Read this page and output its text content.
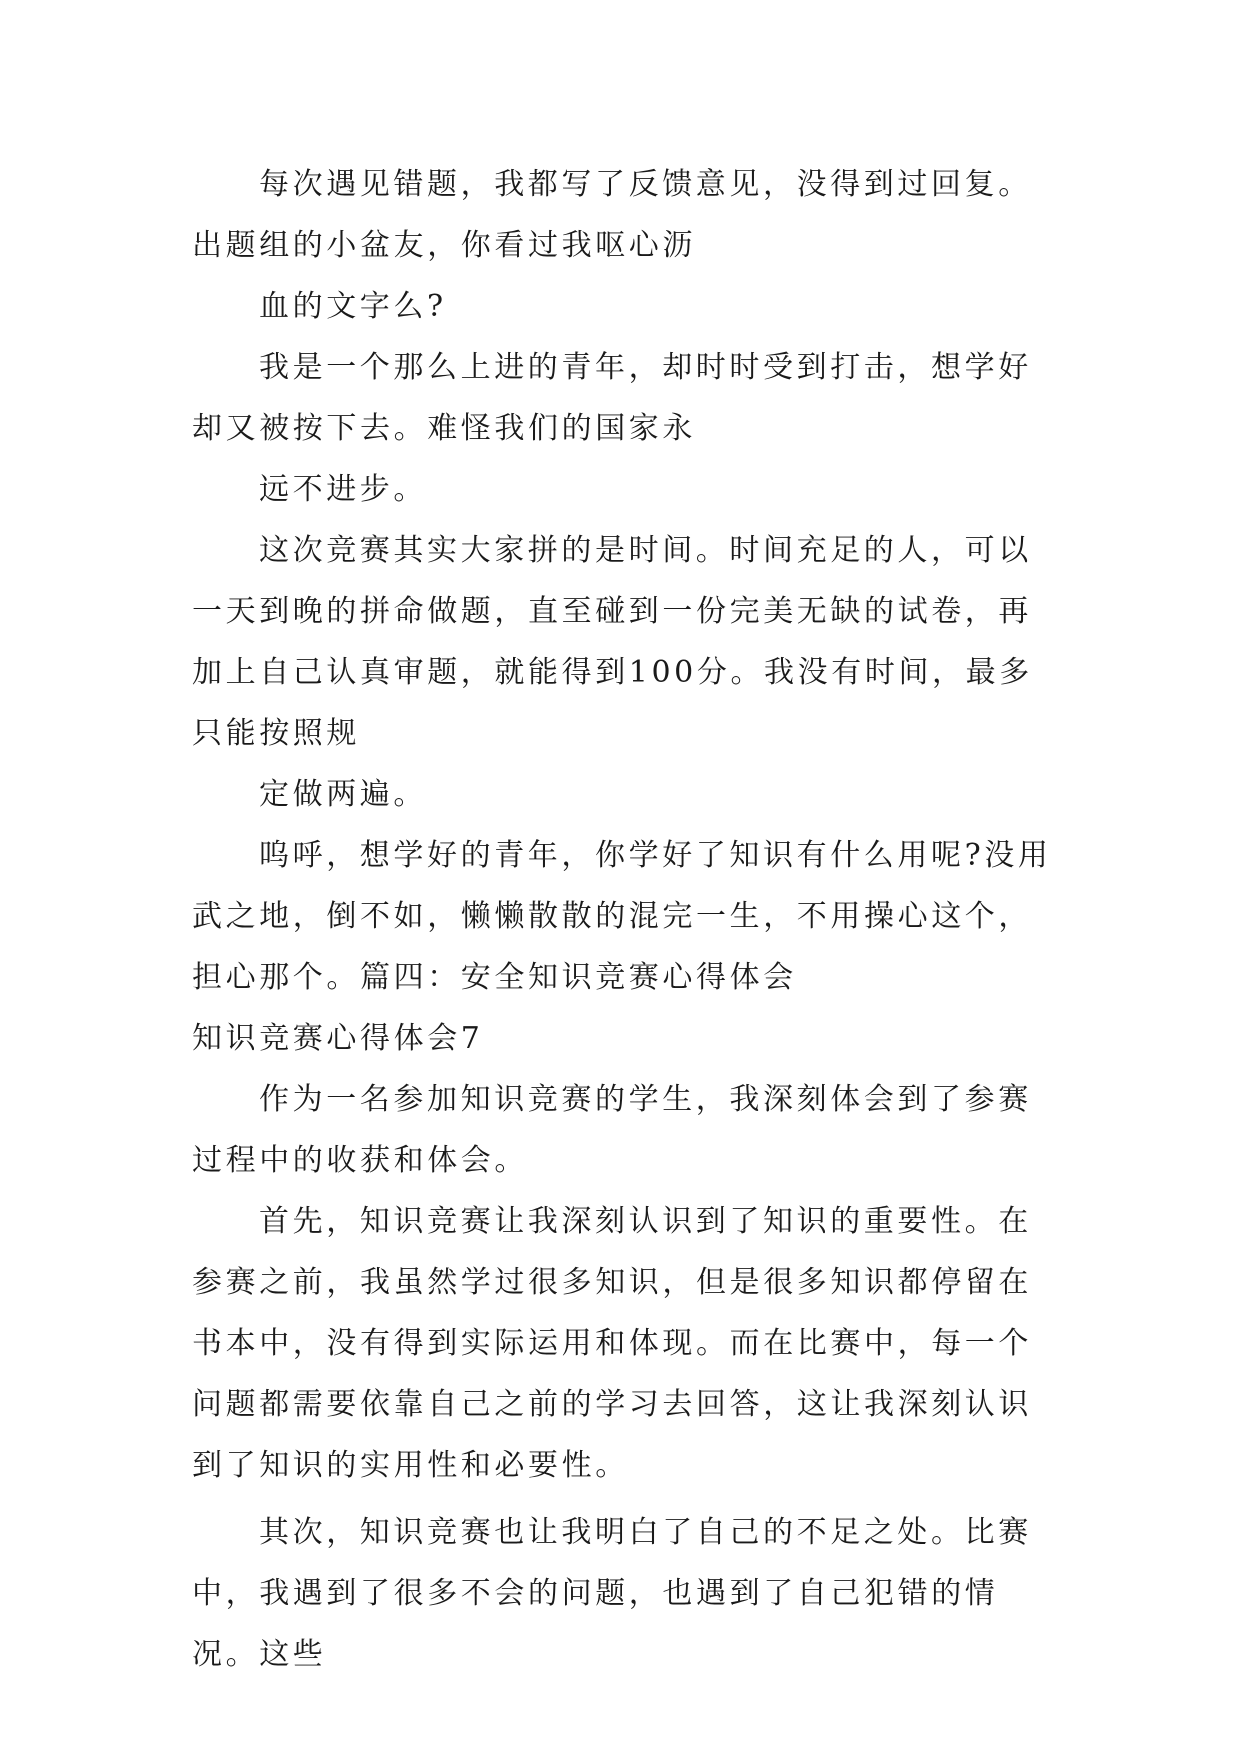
每次遇见错题，我都写了反馈意见，没得到过回复。出题组的小盆友，你看过我呕心沥

血的文字么?

我是一个那么上进的青年，却时时受到打击，想学好却又被按下去。难怪我们的国家永

远不进步。

这次竞赛其实大家拼的是时间。时间充足的人，可以一天到晚的拼命做题，直至碰到一份完美无缺的试卷，再加上自己认真审题，就能得到100分。我没有时间，最多只能按照规

定做两遍。

呜呼，想学好的青年，你学好了知识有什么用呢?没用武之地，倒不如，懒懒散散的混完一生，不用操心这个，担心那个。篇四：安全知识竞赛心得体会

知识竞赛心得体会7

作为一名参加知识竞赛的学生，我深刻体会到了参赛过程中的收获和体会。

首先，知识竞赛让我深刻认识到了知识的重要性。在参赛之前，我虽然学过很多知识，但是很多知识都停留在书本中，没有得到实际运用和体现。而在比赛中，每一个问题都需要依靠自己之前的学习去回答，这让我深刻认识到了知识的实用性和必要性。

其次，知识竞赛也让我明白了自己的不足之处。比赛中，我遇到了很多不会的问题，也遇到了自己犯错的情况。这些
